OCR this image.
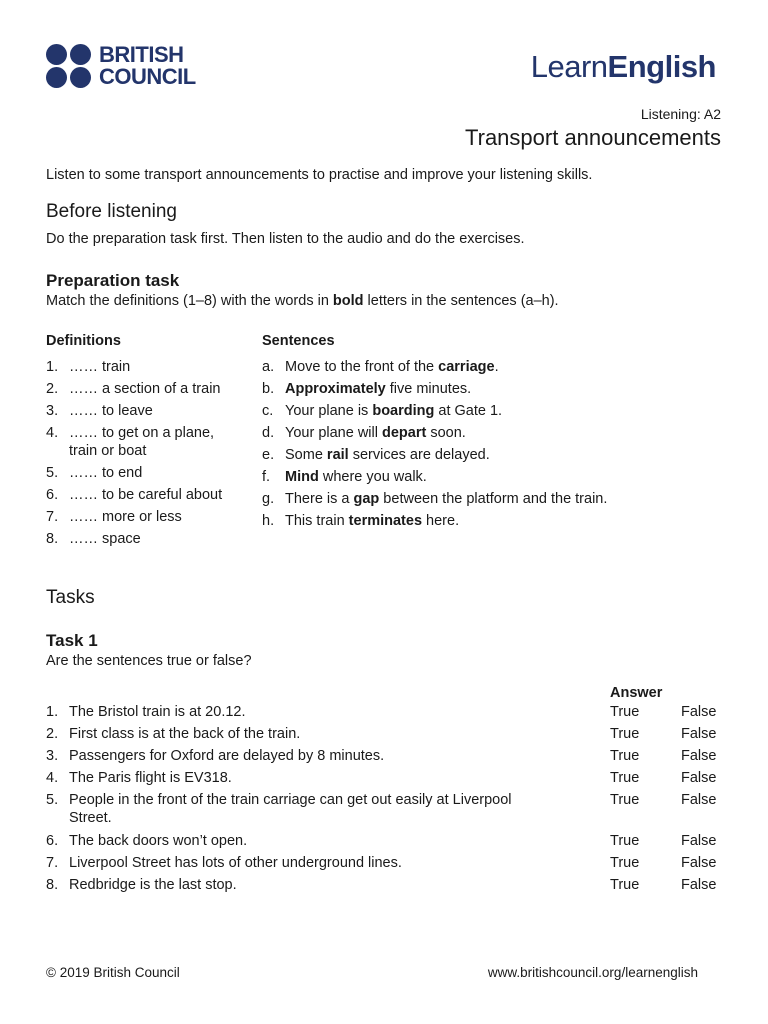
BRITISH
COUNCIL	LearnEnglish
Listening: A2
Transport announcements
Listen to some transport announcements to practise and improve your listening skills.
Before listening
Do the preparation task first. Then listen to the audio and do the exercises.
Preparation task
Match the definitions (1–8) with the words in bold letters in the sentences (a–h).
Definitions	Sentences
1. …… train
2. …… a section of a train
3. …… to leave
4. …… to get on a plane,
train or boat
5. …… to end
6. …… to be careful about
7. …… more or less
8. …… space
a. Move to the front of the carriage.
b. Approximately five minutes.
c. Your plane is boarding at Gate 1.
d. Your plane will depart soon.
e. Some rail services are delayed.
f. Mind where you walk.
g. There is a gap between the platform and the train.
h. This train terminates here.
Tasks
Task 1
Are the sentences true or false?
Answer
1. The Bristol train is at 20.12.	True	False
2. First class is at the back of the train.	True	False
3. Passengers for Oxford are delayed by 8 minutes.	True	False
4. The Paris flight is EV318.	True	False
5. People in the front of the train carriage can get out easily at Liverpool
Street.
True	False
6. The back doors won’t open.	True	False
7. Liverpool Street has lots of other underground lines.	True	False
8. Redbridge is the last stop.	True	False
© 2019 British Council	www.britishcouncil.org/learnenglish
